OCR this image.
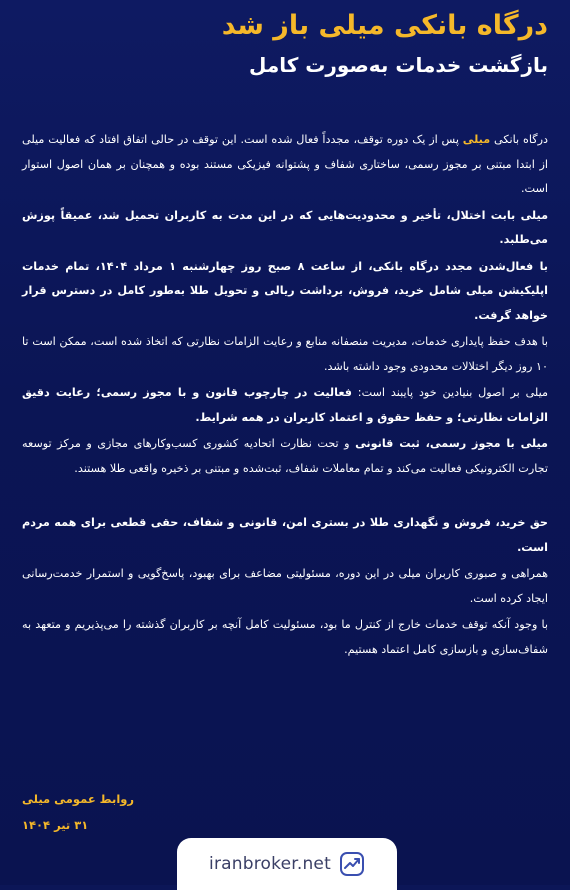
درگاه بانکی میلی باز شد
بازگشت خدمات به‌صورت کامل

درگاه بانکی میلی پس از یک دوره توقف، مجدداً فعال شده است. این توقف در حالی اتفاق افتاد که فعالیت میلی از ابتدا مبتنی بر مجوز رسمی، ساختاری شفاف و پشتوانه فیزیکی مستند بوده و همچنان بر همان اصول استوار است.

میلی بابت اختلال، تأخیر و محدودیت‌هایی که در این مدت به کاربران تحمیل شد، عمیقاً پوزش می‌طلبد.

با فعال‌شدن مجدد درگاه بانکی، از ساعت ۸ صبح روز چهارشنبه ۱ مرداد ۱۴۰۴، تمام خدمات اپلیکیشن میلی شامل خرید، فروش، برداشت ریالی و تحویل طلا به‌طور کامل در دسترس قرار خواهد گرفت.

با هدف حفظ پایداری خدمات، مدیریت منصفانه منابع و رعایت الزامات نظارتی که اتخاذ شده است، ممکن است تا ۱۰ روز دیگر اختلالات محدودی وجود داشته باشد.

میلی بر اصول بنیادین خود پایبند است: فعالیت در چارچوب قانون و با مجوز رسمی؛ رعایت دقیق الزامات نظارتی؛ و حفظ حقوق و اعتماد کاربران در همه شرایط.

میلی با مجوز رسمی، ثبت قانونی و تحت نظارت اتحادیه کشوری کسب‌وکارهای مجازی و مرکز توسعه تجارت الکترونیکی فعالیت می‌کند و تمام معاملات شفاف، ثبت‌شده و مبتنی بر ذخیره واقعی طلا هستند.

حق خرید، فروش و نگهداری طلا در بستری امن، قانونی و شفاف، حقی قطعی برای همه مردم است.

همراهی و صبوری کاربران میلی در این دوره، مسئولیتی مضاعف برای بهبود، پاسخ‌گویی و استمرار خدمت‌رسانی ایجاد کرده است.

با وجود آنکه توقف خدمات خارج از کنترل ما بود، مسئولیت کامل آنچه بر کاربران گذشته را می‌پذیریم و متعهد به شفاف‌سازی و بازسازی کامل اعتماد هستیم.

روابط عمومی میلی

۳۱ تیر ۱۴۰۴

iranbroker.net
